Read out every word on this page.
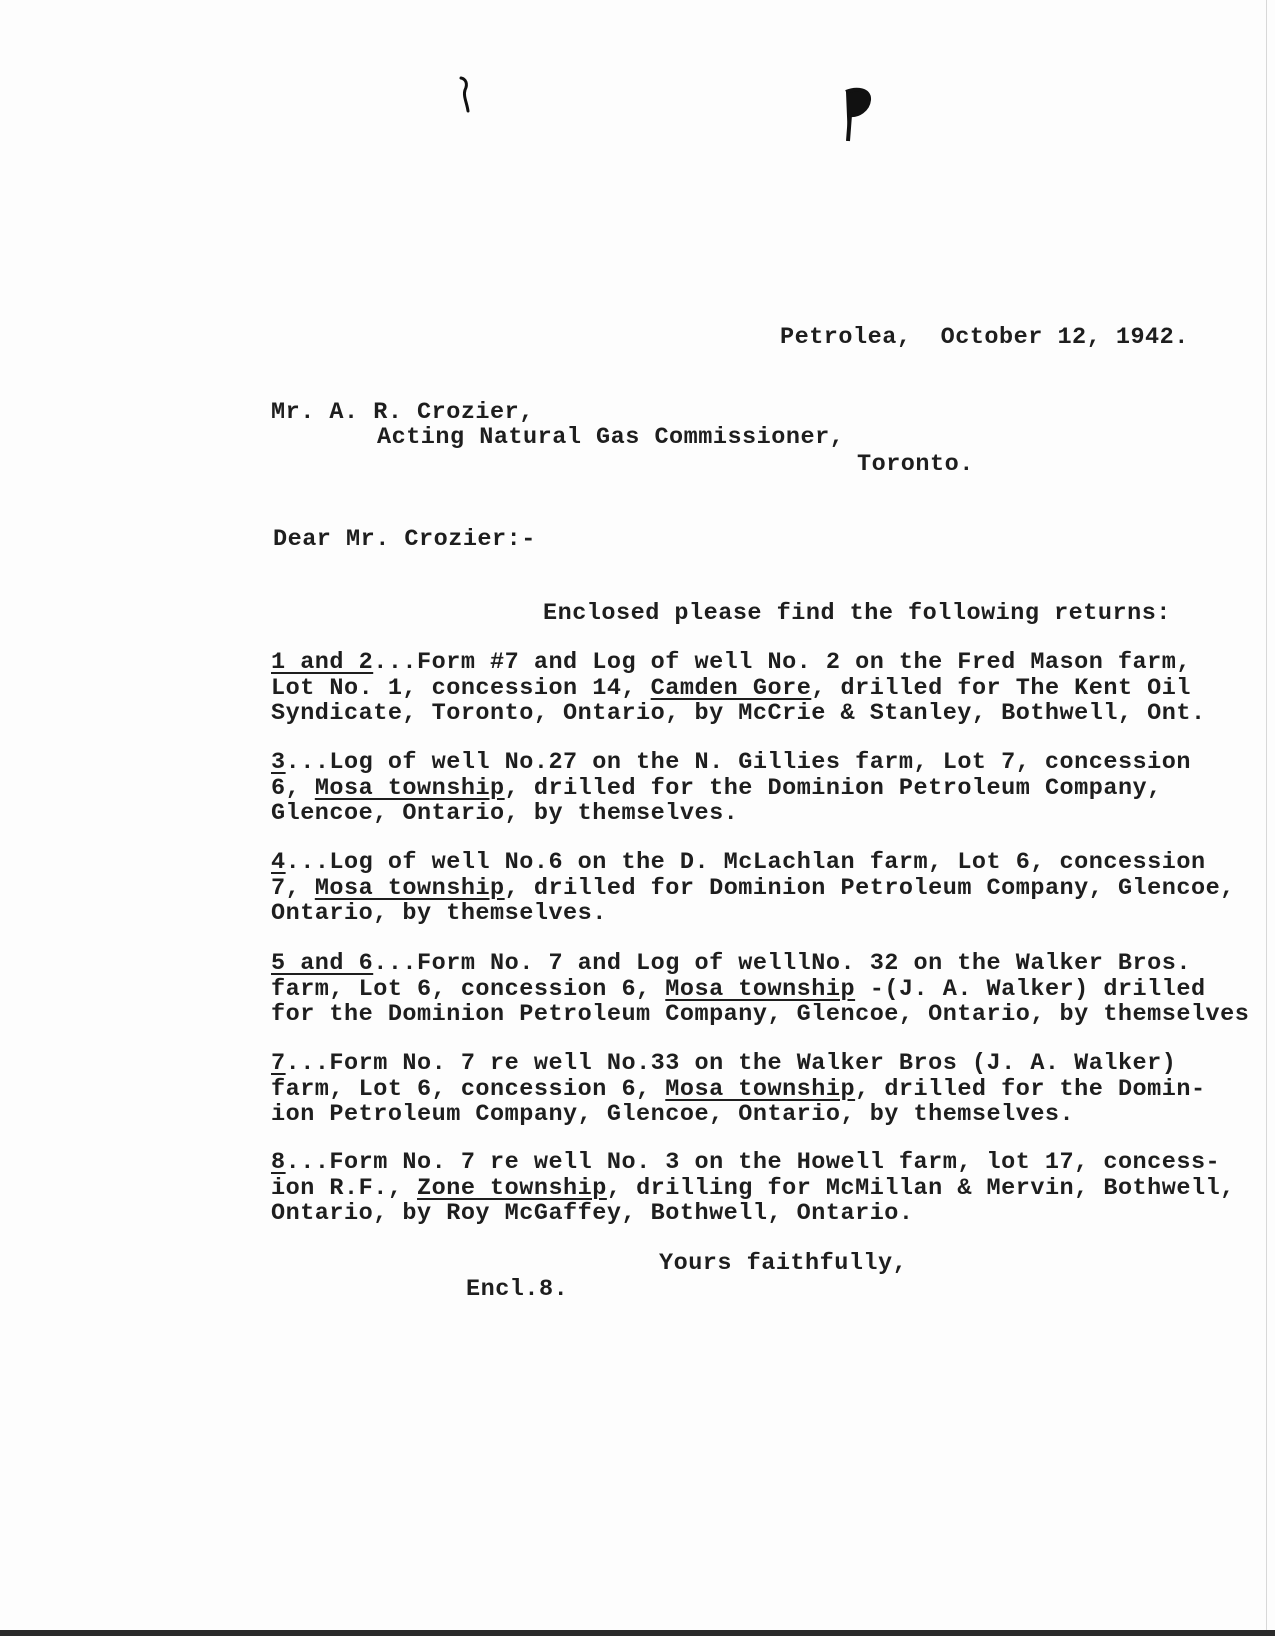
Petrolea,  October 12, 1942.
Mr. A. R. Crozier,
Acting Natural Gas Commissioner,
Toronto.
Dear Mr. Crozier:-
Enclosed please find the following returns:
Yours faithfully,
Encl.8.
1 and 2...Form #7 and Log of well No. 2 on the Fred Mason farm,
Lot No. 1, concession 14, Camden Gore, drilled for The Kent Oil
Syndicate, Toronto, Ontario, by McCrie & Stanley, Bothwell, Ont.
3...Log of well No.27 on the N. Gillies farm, Lot 7, concession
6, Mosa township, drilled for the Dominion Petroleum Company,
Glencoe, Ontario, by themselves.
4...Log of well No.6 on the D. McLachlan farm, Lot 6, concession
7, Mosa township, drilled for Dominion Petroleum Company, Glencoe,
Ontario, by themselves.
5 and 6...Form No. 7 and Log of welllNo. 32 on the Walker Bros.
farm, Lot 6, concession 6, Mosa township -(J. A. Walker) drilled
for the Dominion Petroleum Company, Glencoe, Ontario, by themselves
7...Form No. 7 re well No.33 on the Walker Bros (J. A. Walker)
farm, Lot 6, concession 6, Mosa township, drilled for the Domin-
ion Petroleum Company, Glencoe, Ontario, by themselves.
8...Form No. 7 re well No. 3 on the Howell farm, lot 17, concess-
ion R.F., Zone township, drilling for McMillan & Mervin, Bothwell,
Ontario, by Roy McGaffey, Bothwell, Ontario.
